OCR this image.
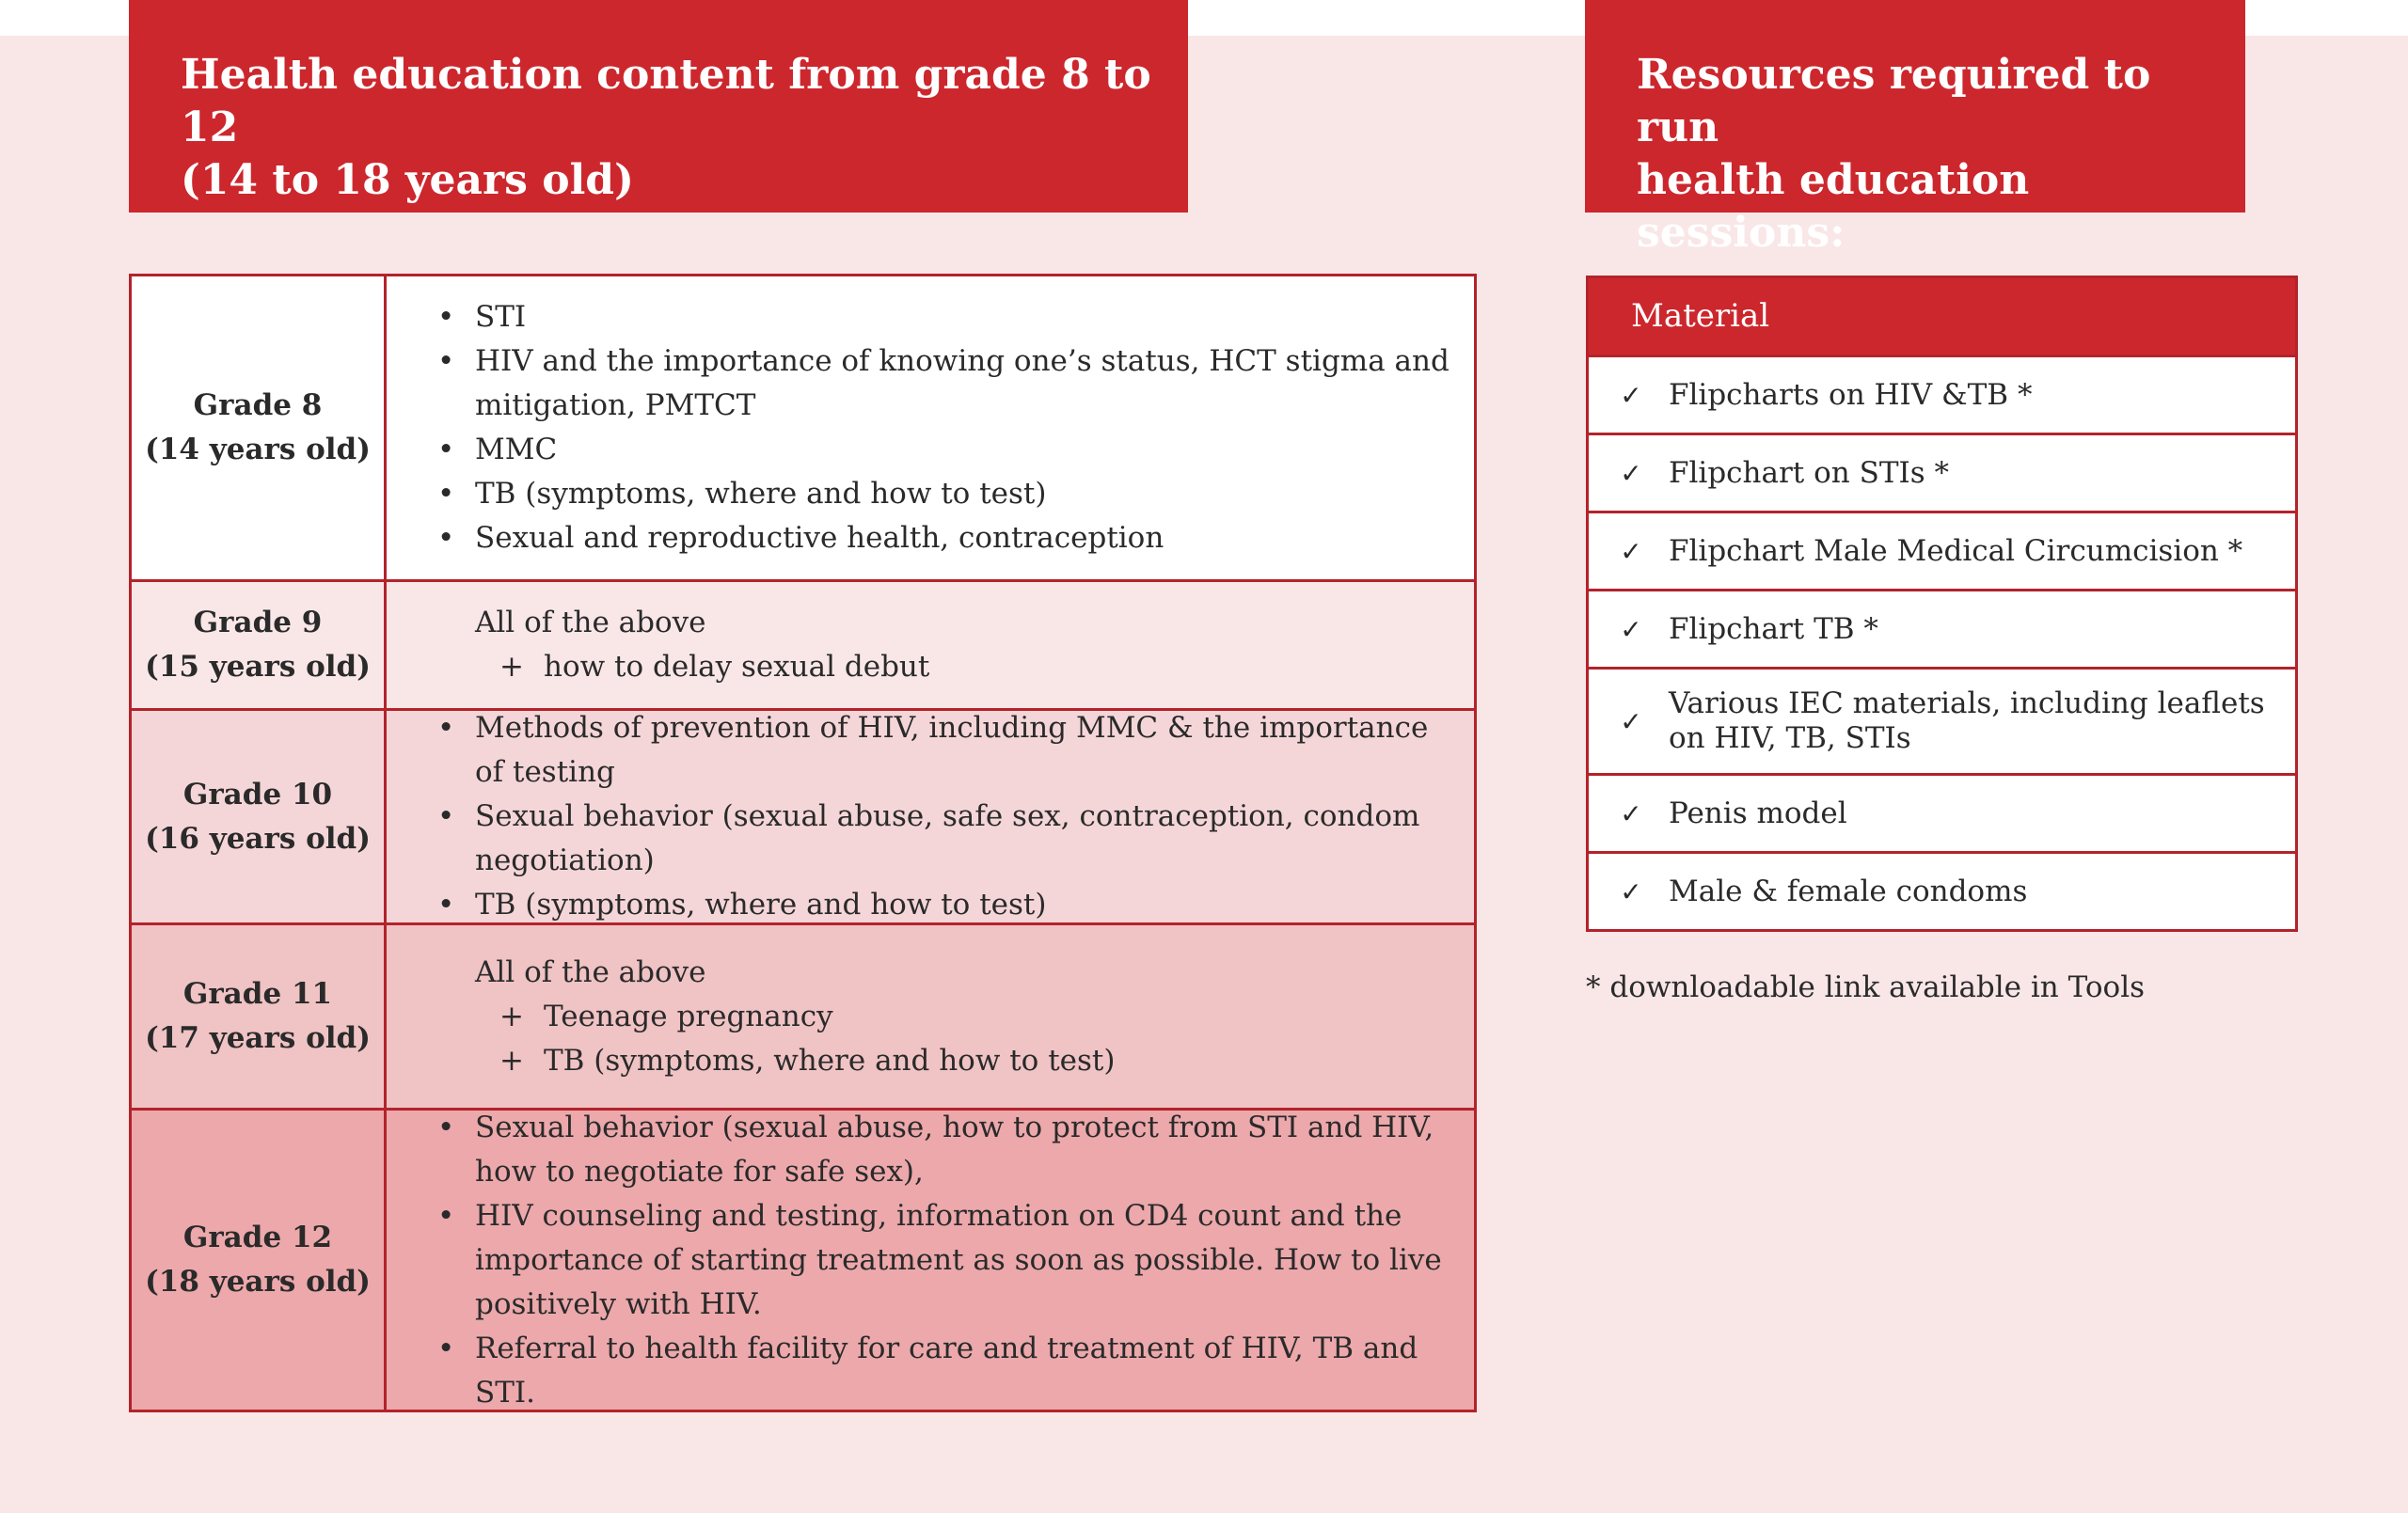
Health education content from grade 8 to 12
(14 to 18 years old)
Resources required to run
health education sessions:
Grade 8
(14 years old)
• STI
• HIV and the importance of knowing one’s status, HCT stigma and mitigation, PMTCT
• MMC
• TB (symptoms, where and how to test)
• Sexual and reproductive health, contraception
Grade 9
(15 years old)
All of the above
+ how to delay sexual debut
Grade 10
(16 years old)
• Methods of prevention of HIV, including MMC & the importance of testing
• Sexual behavior (sexual abuse, safe sex, contraception, condom negotiation)
• TB (symptoms, where and how to test)
Grade 11
(17 years old)
All of the above
+ Teenage pregnancy
+ TB (symptoms, where and how to test)
Grade 12
(18 years old)
• Sexual behavior (sexual abuse, how to protect from STI and HIV, how to negotiate for safe sex),
• HIV counseling and testing, information on CD4 count and the importance of starting treatment as soon as possible. How to live positively with HIV.
• Referral to health facility for care and treatment of HIV, TB and STI.
Material
✓ Flipcharts on HIV &TB *
✓ Flipchart on STIs *
✓ Flipchart Male Medical Circumcision *
✓ Flipchart TB *
✓
Various IEC materials, including leaflets on HIV, TB, STIs
✓ Penis model
✓ Male & female condoms
* downloadable link available in Tools
